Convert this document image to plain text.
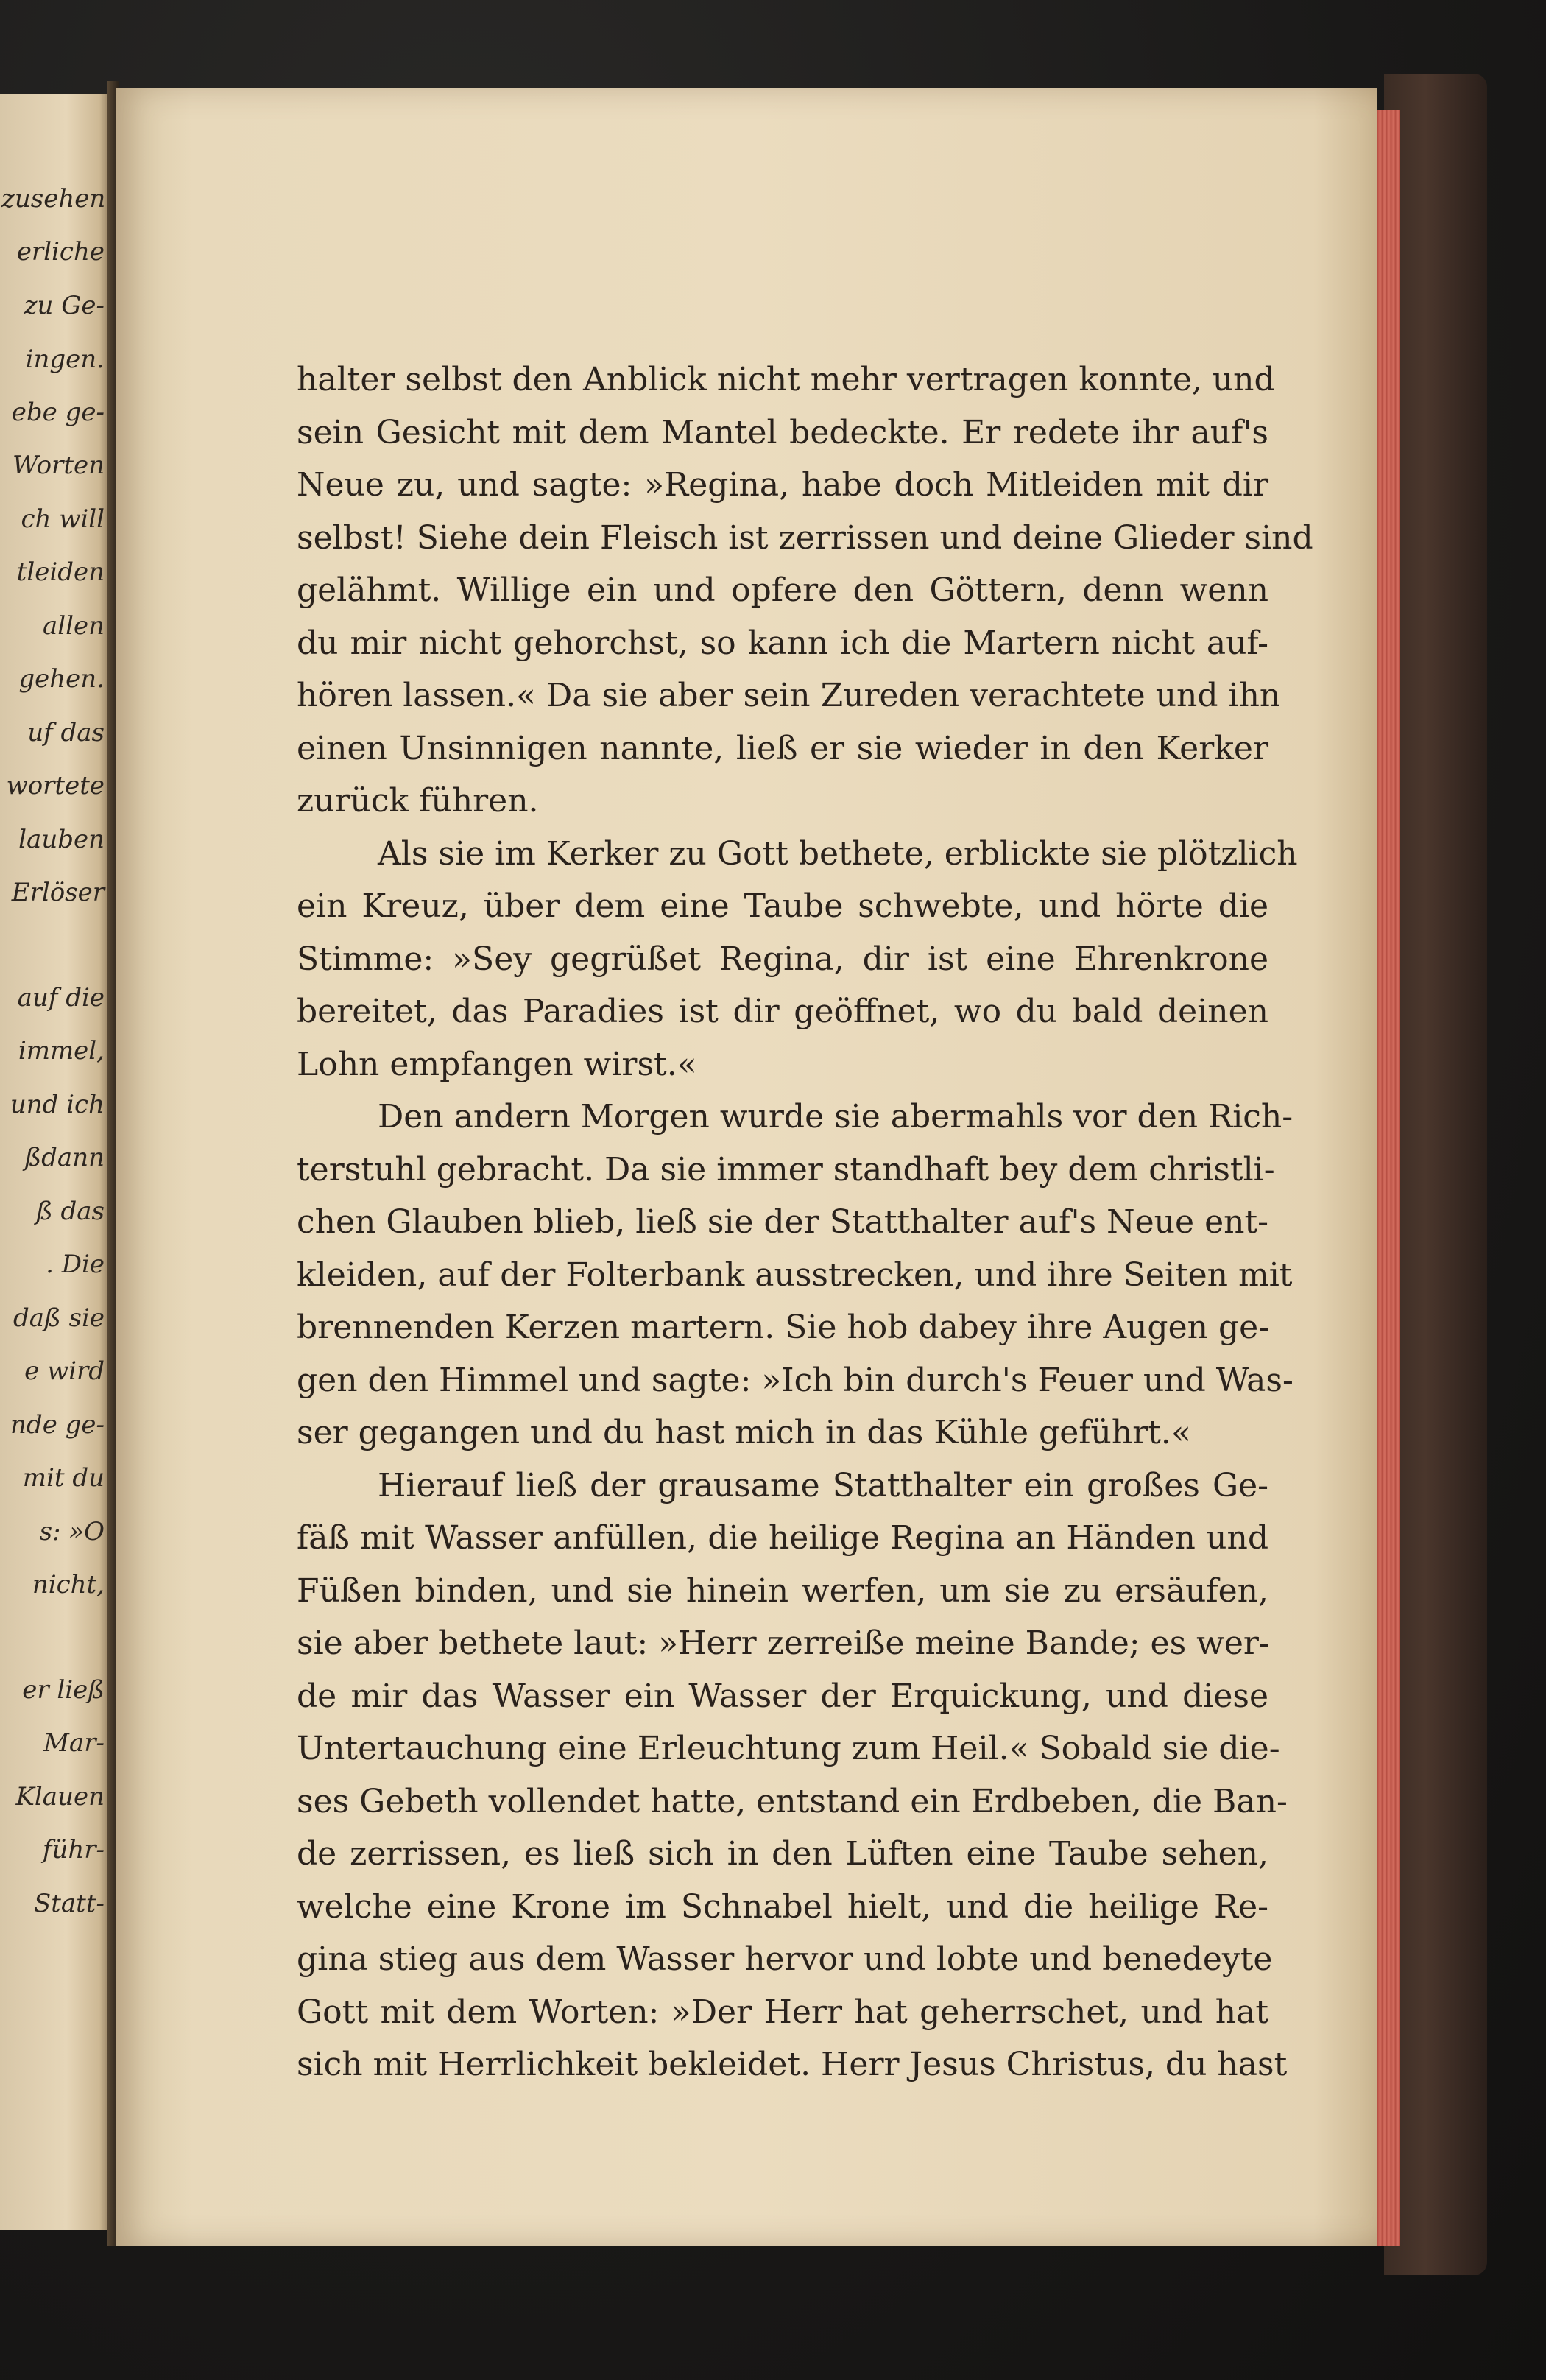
zusehen
erliche
zu Ge-
ingen.
ebe ge-
Worten
ch will
tleiden
allen
gehen.
uf das
wortete
lauben
Erlöser
auf die
immel,
und ich
ßdann
ß das
. Die
daß sie
e wird
nde ge-
mit du
s: »O
nicht,
er ließ
Mar-
Klauen
führ-
Statt-
halter selbst den Anblick nicht mehr vertragen konnte, und
sein Gesicht mit dem Mantel bedeckte. Er redete ihr auf's
Neue zu, und sagte: »Regina, habe doch Mitleiden mit dir
selbst! Siehe dein Fleisch ist zerrissen und deine Glieder sind
gelähmt. Willige ein und opfere den Göttern, denn wenn
du mir nicht gehorchst, so kann ich die Martern nicht auf-
hören lassen.« Da sie aber sein Zureden verachtete und ihn
einen Unsinnigen nannte, ließ er sie wieder in den Kerker
zurück führen.
Als sie im Kerker zu Gott bethete, erblickte sie plötzlich
ein Kreuz, über dem eine Taube schwebte, und hörte die
Stimme: »Sey gegrüßet Regina, dir ist eine Ehrenkrone
bereitet, das Paradies ist dir geöffnet, wo du bald deinen
Lohn empfangen wirst.«
Den andern Morgen wurde sie abermahls vor den Rich-
terstuhl gebracht. Da sie immer standhaft bey dem christli-
chen Glauben blieb, ließ sie der Statthalter auf's Neue ent-
kleiden, auf der Folterbank ausstrecken, und ihre Seiten mit
brennenden Kerzen martern. Sie hob dabey ihre Augen ge-
gen den Himmel und sagte: »Ich bin durch's Feuer und Was-
ser gegangen und du hast mich in das Kühle geführt.«
Hierauf ließ der grausame Statthalter ein großes Ge-
fäß mit Wasser anfüllen, die heilige Regina an Händen und
Füßen binden, und sie hinein werfen, um sie zu ersäufen,
sie aber bethete laut: »Herr zerreiße meine Bande; es wer-
de mir das Wasser ein Wasser der Erquickung, und diese
Untertauchung eine Erleuchtung zum Heil.« Sobald sie die-
ses Gebeth vollendet hatte, entstand ein Erdbeben, die Ban-
de zerrissen, es ließ sich in den Lüften eine Taube sehen,
welche eine Krone im Schnabel hielt, und die heilige Re-
gina stieg aus dem Wasser hervor und lobte und benedeyte
Gott mit dem Worten: »Der Herr hat geherrschet, und hat
sich mit Herrlichkeit bekleidet. Herr Jesus Christus, du hast
